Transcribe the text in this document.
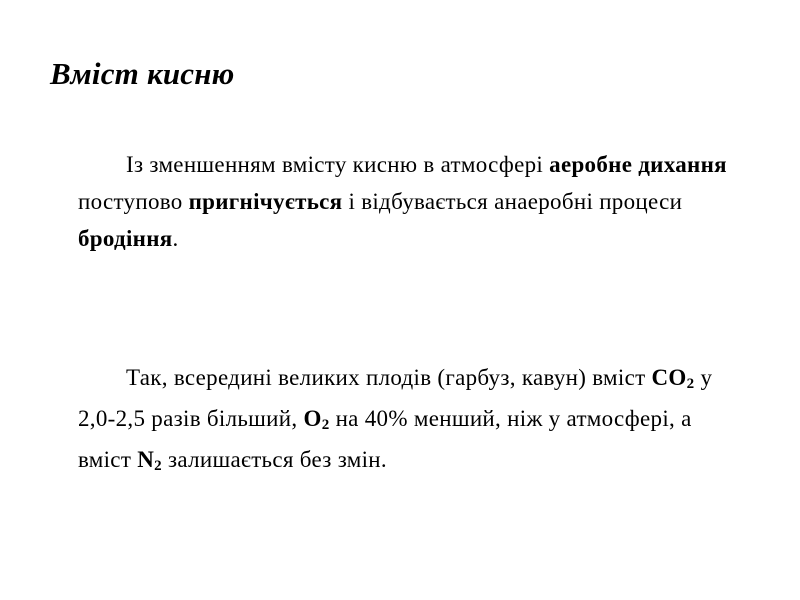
Вміст кисню

Із зменшенням вмісту кисню в атмосфері аеробне дихання поступово пригнічується і відбувається анаеробні процеси бродіння.

Так, всередині великих плодів (гарбуз, кавун) вміст CO2 у 2,0-2,5 разів більший, O2 на 40% менший, ніж у атмосфері, а вміст N2 залишається без змін.
